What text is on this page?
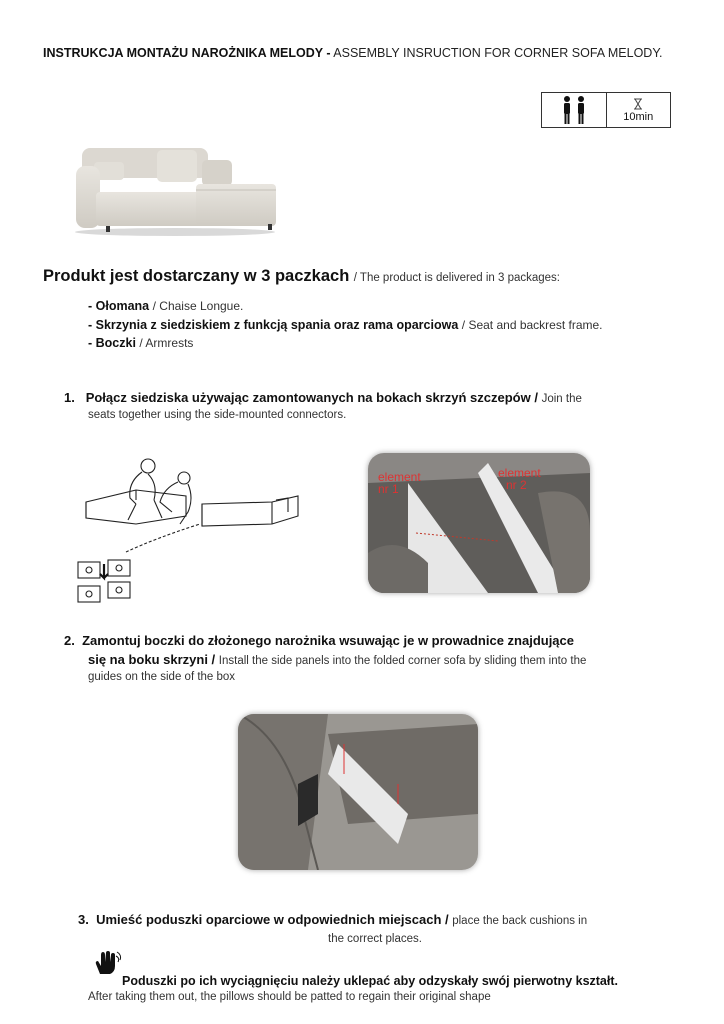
INSTRUKCJA MONTAŻU NAROŻNIKA MELODY - ASSEMBLY INSRUCTION FOR CORNER SOFA MELODY.
10min
Produkt jest dostarczany w 3 paczkach / The product is delivered in 3 packages:
- Ołomana / Chaise Longue.
- Skrzynia z siedziskiem z funkcją spania oraz rama oparciowa / Seat and backrest frame.
- Boczki / Armrests
1. Połącz siedziska używając zamontowanych na bokach skrzyń szczepów / Join the
seats together using the side-mounted connectors.
element
nr 1
element
nr 2
2. Zamontuj boczki do złożonego narożnika wsuwając je w prowadnice znajdujące
się na boku skrzyni / Install the side panels into the folded corner sofa by sliding them into the
guides on the side of the box
3. Umieść poduszki oparciowe w odpowiednich miejscach / place the back cushions in
the correct places.
Poduszki po ich wyciągnięciu należy uklepać aby odzyskały swój pierwotny kształt.
After taking them out, the pillows should be patted to regain their original shape
